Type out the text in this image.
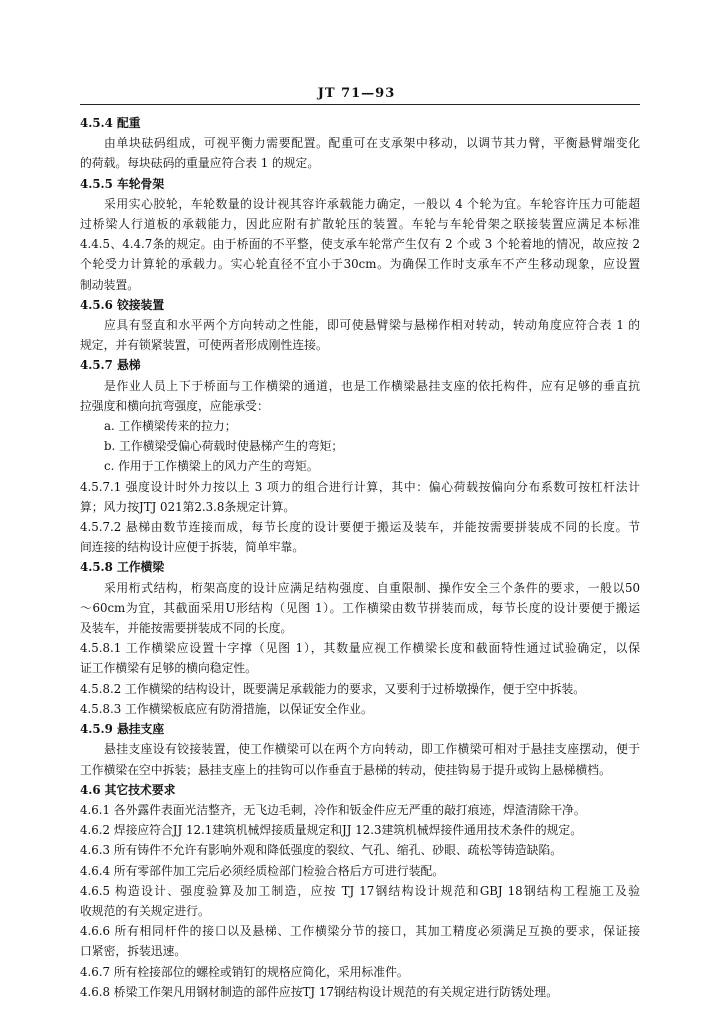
JT 71—93

4.5.4 配重

由单块砝码组成，可视平衡力需要配置。配重可在支承架中移动，以调节其力臂，平衡悬臂端变化

的荷载。每块砝码的重量应符合表 1 的规定。

4.5.5 车轮骨架

采用实心胶轮，车轮数量的设计视其容许承载能力确定，一般以 4 个轮为宜。车轮容许压力可能超

过桥梁人行道板的承载能力，因此应附有扩散轮压的装置。车轮与车轮骨架之联接装置应满足本标准

4.4.5、4.4.7条的规定。由于桥面的不平整，使支承车轮常产生仅有 2 个或 3 个轮着地的情况，故应按 2

个轮受力计算轮的承载力。实心轮直径不宜小于30cm。为确保工作时支承车不产生移动现象，应设置

制动装置。

4.5.6 铰接装置

应具有竖直和水平两个方向转动之性能，即可使悬臂梁与悬梯作相对转动，转动角度应符合表 1 的

规定，并有锁紧装置，可使两者形成刚性连接。

4.5.7 悬梯

是作业人员上下于桥面与工作横梁的通道，也是工作横梁悬挂支座的依托构件，应有足够的垂直抗

拉强度和横向抗弯强度，应能承受：

a. 工作横梁传来的拉力；

b. 工作横梁受偏心荷载时使悬梯产生的弯矩；

c. 作用于工作横梁上的风力产生的弯矩。

4.5.7.1 强度设计时外力按以上 3 项力的组合进行计算，其中：偏心荷载按偏向分布系数可按杠杆法计

算；风力按JTJ 021第2.3.8条规定计算。

4.5.7.2 悬梯由数节连接而成，每节长度的设计要便于搬运及装车，并能按需要拼装成不同的长度。节

间连接的结构设计应便于拆装，简单牢靠。

4.5.8 工作横梁

采用桁式结构，桁架高度的设计应满足结构强度、自重限制、操作安全三个条件的要求，一般以50

～60cm为宜，其截面采用U形结构（见图 1）。工作横梁由数节拼装而成，每节长度的设计要便于搬运

及装车，并能按需要拼装成不同的长度。

4.5.8.1 工作横梁应设置十字撑（见图 1），其数量应视工作横梁长度和截面特性通过试验确定，以保

证工作横梁有足够的横向稳定性。

4.5.8.2 工作横梁的结构设计，既要满足承载能力的要求，又要利于过桥墩操作，便于空中拆装。

4.5.8.3 工作横梁板底应有防滑措施，以保证安全作业。

4.5.9 悬挂支座

悬挂支座设有铰接装置，使工作横梁可以在两个方向转动，即工作横梁可相对于悬挂支座摆动，便于

工作横梁在空中拆装；悬挂支座上的挂钩可以作垂直于悬梯的转动，使挂钩易于提升或钩上悬梯横档。

4.6 其它技术要求

4.6.1 各外露件表面光洁整齐，无飞边毛刺，冷作和钣金件应无严重的敲打痕迹，焊渣清除干净。

4.6.2 焊接应符合JJ 12.1建筑机械焊接质量规定和JJ 12.3建筑机械焊接件通用技术条件的规定。

4.6.3 所有铸件不允许有影响外观和降低强度的裂纹、气孔、缩孔、砂眼、疏松等铸造缺陷。

4.6.4 所有零部件加工完后必须经质检部门检验合格后方可进行装配。

4.6.5 构造设计、强度验算及加工制造，应按 TJ 17钢结构设计规范和GBJ 18钢结构工程施工及验

收规范的有关规定进行。

4.6.6 所有相同杆件的接口以及悬梯、工作横梁分节的接口，其加工精度必须满足互换的要求，保证接

口紧密，拆装迅速。

4.6.7 所有栓接部位的螺栓或销钉的规格应简化，采用标准件。

4.6.8 桥梁工作架凡用钢材制造的部件应按TJ 17钢结构设计规范的有关规定进行防锈处理。
